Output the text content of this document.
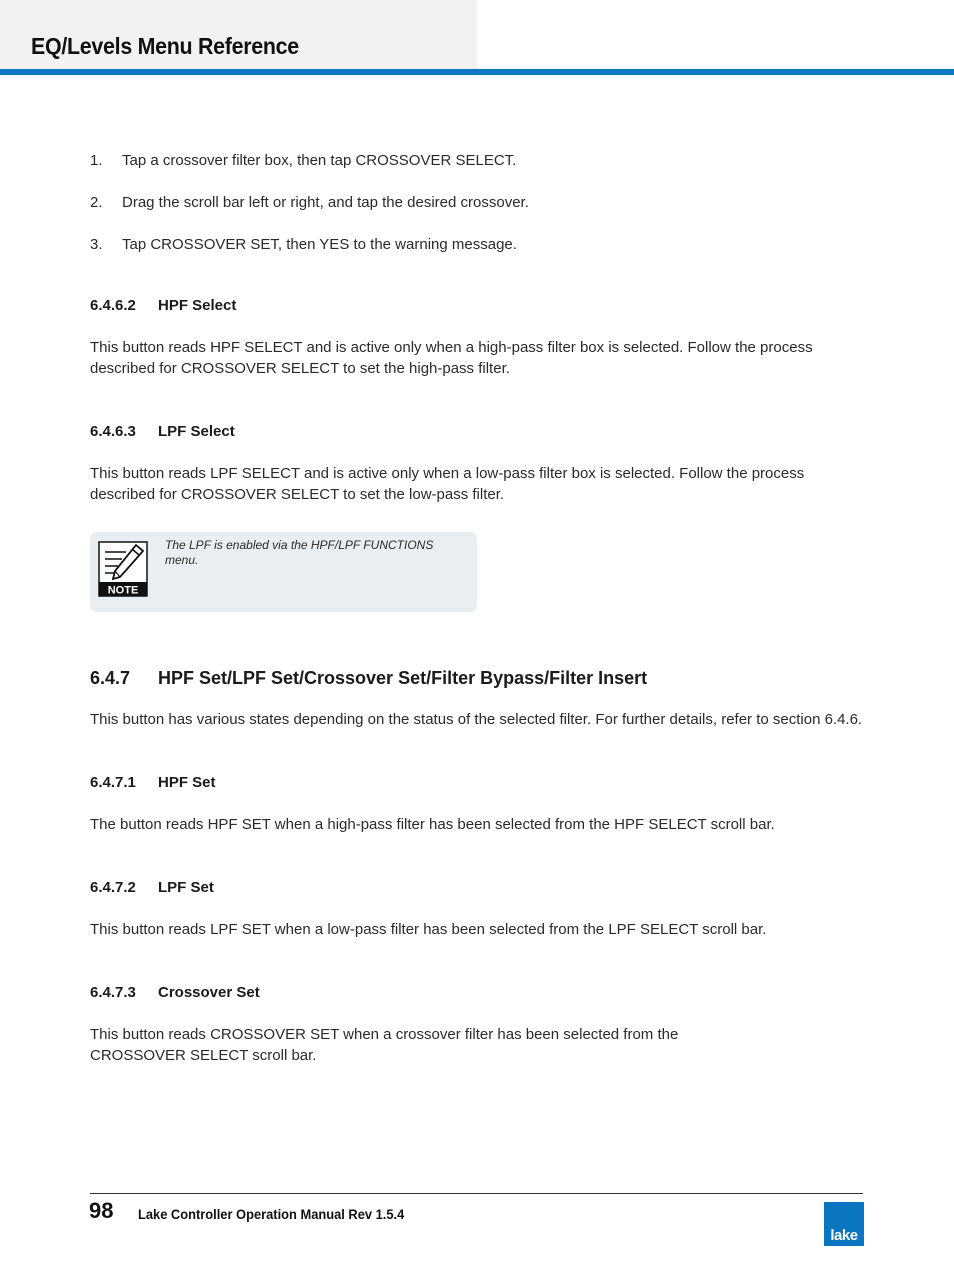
EQ/Levels Menu Reference
1.	Tap a crossover filter box, then tap CROSSOVER SELECT.
2.	Drag the scroll bar left or right, and tap the desired crossover.
3.	Tap CROSSOVER SET, then YES to the warning message.
6.4.6.2 HPF Select

This button reads HPF SELECT and is active only when a high-pass filter box is selected. Follow the process described for CROSSOVER SELECT to set the high-pass filter.

6.4.6.3 LPF Select

This button reads LPF SELECT and is active only when a low-pass filter box is selected. Follow the process described for CROSSOVER SELECT to set the low-pass filter.

NOTE
The LPF is enabled via the HPF/LPF FUNCTIONS menu.
6.4.7 HPF Set/LPF Set/Crossover Set/Filter Bypass/Filter Insert

This button has various states depending on the status of the selected filter. For further details, refer to section 6.4.6.

6.4.7.1 HPF Set

The button reads HPF SET when a high-pass filter has been selected from the HPF SELECT scroll bar.

6.4.7.2 LPF Set

This button reads LPF SET when a low-pass filter has been selected from the LPF SELECT scroll bar.

6.4.7.3 Crossover Set

This button reads CROSSOVER SET when a crossover filter has been selected from the CROSSOVER SELECT scroll bar.

98 Lake Controller Operation Manual Rev 1.5.4
lake
